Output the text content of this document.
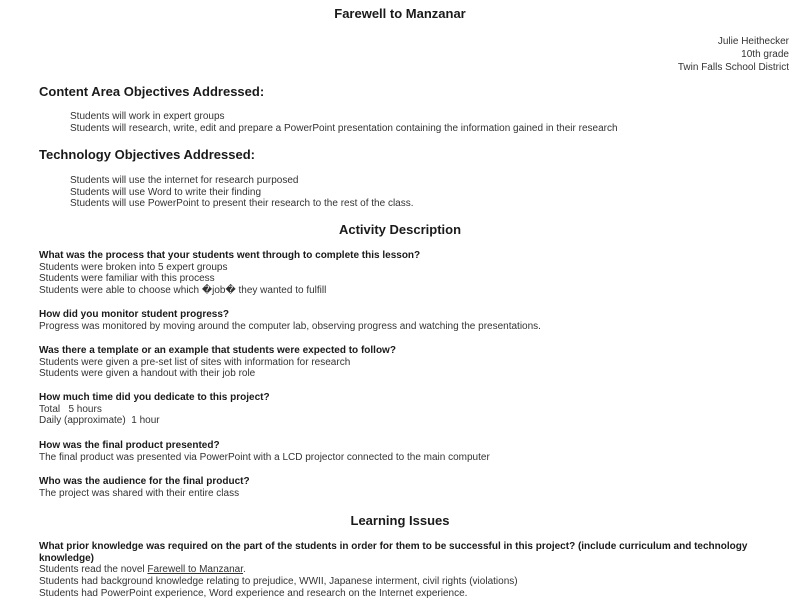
Farewell to Manzanar
Julie Heithecker
10th grade
Twin Falls School District
Content Area Objectives Addressed:
Students will work in expert groups
Students will research, write, edit and prepare a PowerPoint presentation containing the information gained in their research
Technology Objectives Addressed:
Students will use the internet for research purposed
Students will use Word to write their finding
Students will use PowerPoint to present their research to the rest of the class.
Activity Description
What was the process that your students went through to complete this lesson?
Students were broken into 5 expert groups
Students were familiar with this process
Students were able to choose which �job� they wanted to fulfill
How did you monitor student progress?
Progress was monitored by moving around the computer lab, observing progress and watching the presentations.
Was there a template or an example that students were expected to follow?
Students were given a pre-set list of sites with information for research
Students were given a handout with their job role
How much time did you dedicate to this project?
Total   5 hours
Daily (approximate)  1 hour
How was the final product presented?
The final product was presented via PowerPoint with a LCD projector connected to the main computer
Who was the audience for the final product?
The project was shared with their entire class
Learning Issues
What prior knowledge was required on the part of the students in order for them to be successful in this project? (include curriculum and technology knowledge)
Students read the novel Farewell to Manzanar.
Students had background knowledge relating to prejudice, WWII, Japanese interment, civil rights (violations)
Students had PowerPoint experience, Word experience and research on the Internet experience.
